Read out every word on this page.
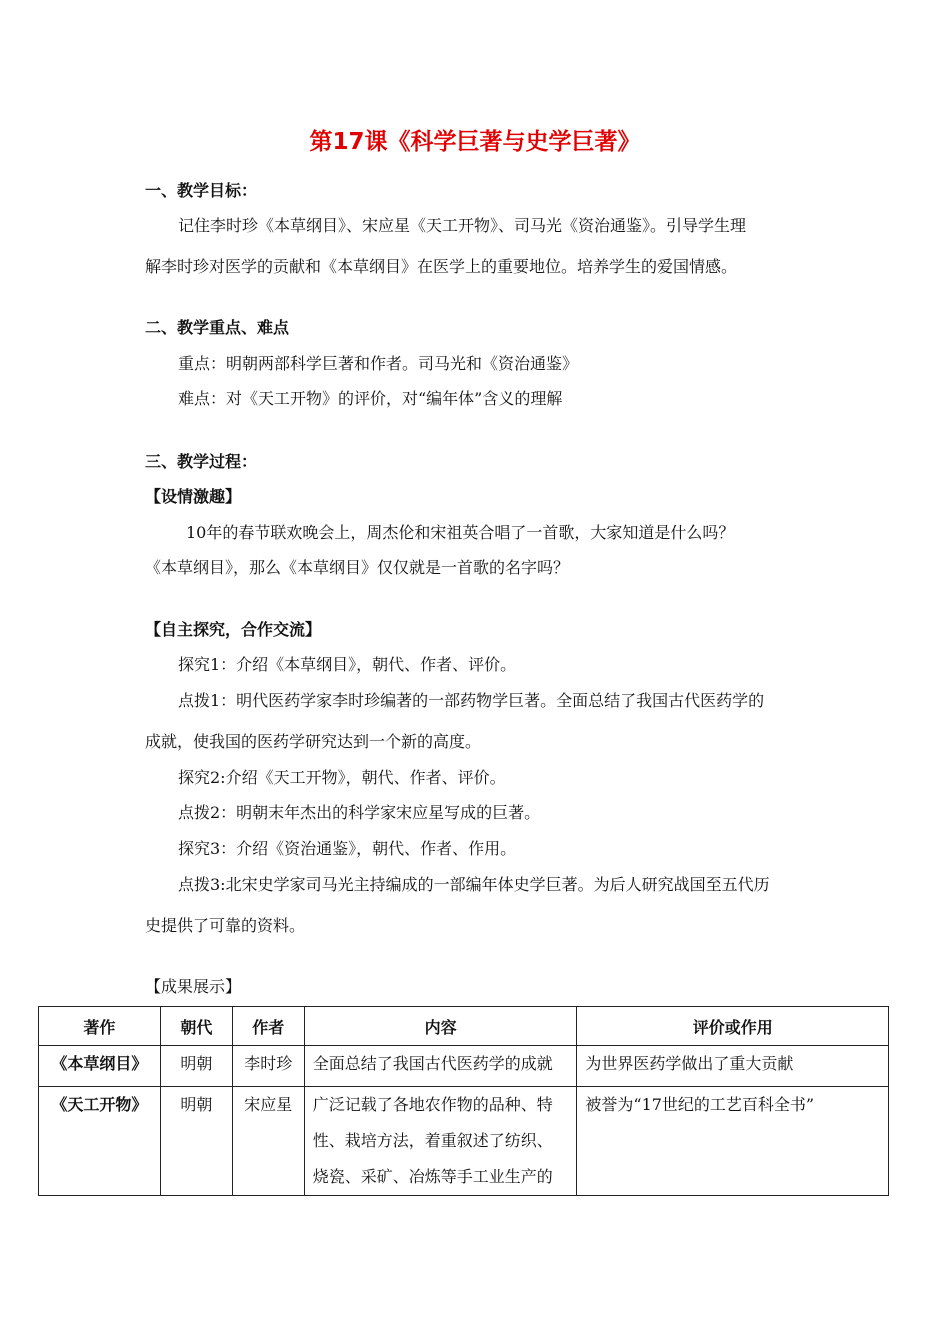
第17课《科学巨著与史学巨著》
一、教学目标：
记住李时珍《本草纲目》、宋应星《天工开物》、司马光《资治通鉴》。引导学生理
解李时珍对医学的贡献和《本草纲目》在医学上的重要地位。培养学生的爱国情感。
二、教学重点、难点
重点：明朝两部科学巨著和作者。司马光和《资治通鉴》
难点：对《天工开物》的评价，对“编年体”含义的理解
三、教学过程：
【设情激趣】
10年的春节联欢晚会上，周杰伦和宋祖英合唱了一首歌，大家知道是什么吗？
《本草纲目》，那么《本草纲目》仅仅就是一首歌的名字吗？
【自主探究，合作交流】
探究1：介绍《本草纲目》，朝代、作者、评价。
点拨1：明代医药学家李时珍编著的一部药物学巨著。全面总结了我国古代医药学的
成就，使我国的医药学研究达到一个新的高度。
探究2:介绍《天工开物》，朝代、作者、评价。
点拨2：明朝末年杰出的科学家宋应星写成的巨著。
探究3：介绍《资治通鉴》，朝代、作者、作用。
点拨3:北宋史学家司马光主持编成的一部编年体史学巨著。为后人研究战国至五代历
史提供了可靠的资料。
【成果展示】
著作	朝代	作者	内容	评价或作用
《本草纲目》	明朝	李时珍	全面总结了我国古代医药学的成就	为世界医药学做出了重大贡献
《天工开物》	明朝	宋应星	广泛记载了各地农作物的品种、特性、栽培方法，着重叙述了纺织、烧瓷、采矿、冶炼等手工业生产的	被誉为“17世纪的工艺百科全书”
